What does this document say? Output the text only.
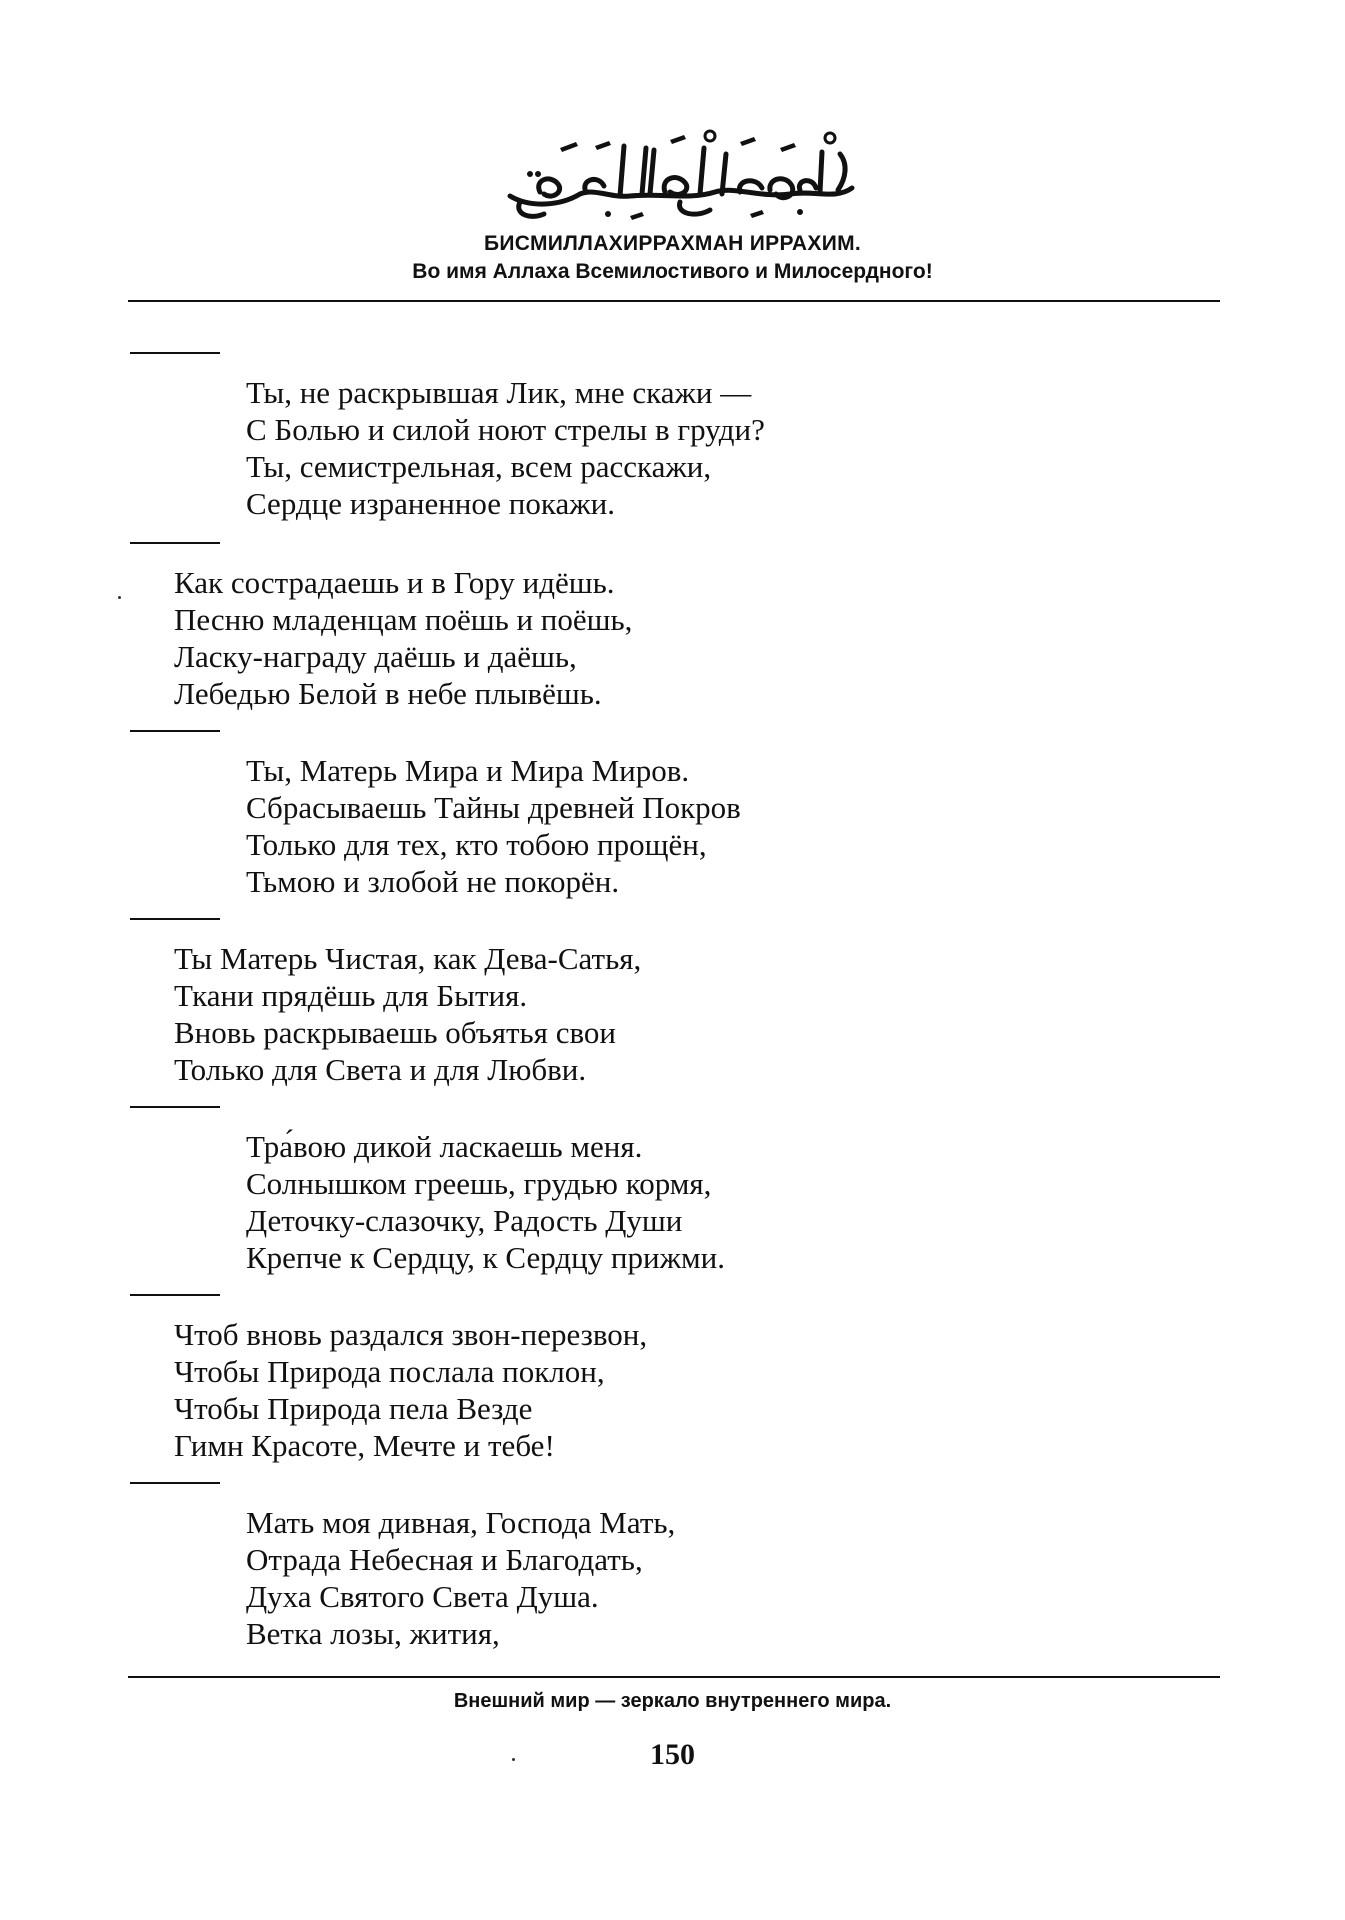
БИСМИЛЛАХИРРАХМАН ИРРАХИМ.
Во имя Аллаха Всемилостивого и Милосердного!
Ты, не раскрывшая Лик, мне скажи —
С Болью и силой ноют стрелы в груди?
Ты, семистрельная, всем расскажи,
Сердце израненное покажи.
Как сострадаешь и в Гору идёшь.
Песню младенцам поёшь и поёшь,
Ласку-награду даёшь и даёшь,
Лебедью Белой в небе плывёшь.
Ты, Матерь Мира и Мира Миров.
Сбрасываешь Тайны древней Покров
Только для тех, кто тобою прощён,
Тьмою и злобой не покорён.
Ты Матерь Чистая, как Дева-Сатья,
Ткани прядёшь для Бытия.
Вновь раскрываешь объятья свои
Только для Света и для Любви.
Тра́вою дикой ласкаешь меня.
Солнышком греешь, грудью кормя,
Деточку-слазочку, Радость Души
Крепче к Сердцу, к Сердцу прижми.
Чтоб вновь раздался звон-перезвон,
Чтобы Природа послала поклон,
Чтобы Природа пела Везде
Гимн Красоте, Мечте и тебе!
Мать моя дивная, Господа Мать,
Отрада Небесная и Благодать,
Духа Святого Света Душа.
Ветка лозы, жития,
Внешний мир — зеркало внутреннего мира.
150
